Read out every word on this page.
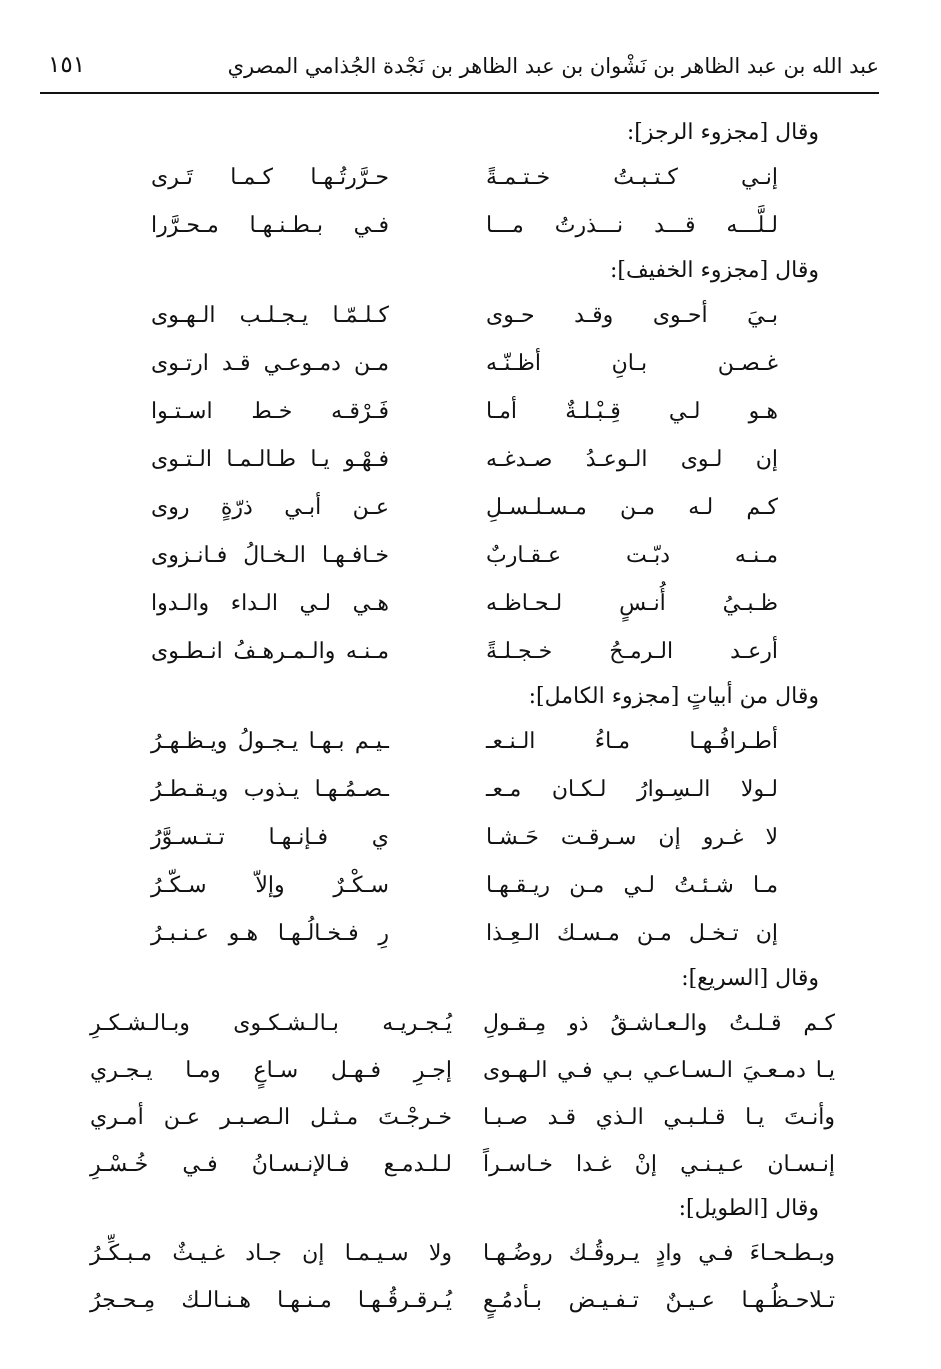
عبد الله بن عبد الظاهر بن نَشْوان بن عبد الظاهر بن نَجْدة الجُذامي المصري
١٥١
وقال [مجزوء الرجز]:
إنـي كـتـبـتُ خـتـمـةً
حـرَّرتُـهـا كـمـا تَـرى
لـلَّـــه قـــد نـــذرتُ مـــا
فـي بـطـنـهـا مـحـرَّرا
وقال [مجزوء الخفيف]:
بـيَ أحـوى وقـد حـوى
كـلـمّـا يـجـلـب الـهـوى
غـصـن بـانِ أظـنّـه
مـن دمـوعـي قـد ارتـوى
هـو لـي قِـبْـلـةٌ أمـا
فَـرْقـه خـط اسـتـوا
إن لـوى الـوعـدُ صـدغـه
فـهْـو يـا طـالـمـا الـتـوى
كـم لـه مـن مـسـلـسـلِ
عـن أبـي ذرّةٍ روى
مـنـه دبّـت عـقـاربٌ
خـافـهـا الـخـالُ فـانـزوى
ظـبـيُ أُنـسٍ لـحـاظـه
هـي لـي الـداء والـدوا
أرعـد الـرمـحُ خـجـلـةً
مـنـه والـمـرهـفُ انـطـوى
وقال من أبياتٍ [مجزوء الكامل]:
أطـرافُـهـا مـاءُ الـنـعـ
ـيـم بـهـا يـجـولُ ويـظـهـرُ
لـولا الـسِـوارُ لـكـان مـعـ
ـصـمُـهـا يـذوب ويـقـطـرُ
لا غـرو إن سـرقـت حَـشـا
ي فـإنـهـا تـتـسـوَّرُ
مـا شـئـتُ لـي مـن ريـقـهـا
سـكْـرٌ وإلاّ سـكّـرُ
إن تـخـل مـن مـسـك الـعِـذا
رِ فـخـالُـهـا هـو عـنـبـرُ
وقال [السريع]:
كـم قـلـتُ والـعـاشـقُ ذو مِـقـولِ
يُـجـريـه بـالـشـكـوى وبـالـشـكـرِ
يـا دمـعـيَ الـسـاعـي بـي فـي الـهـوى
إجـرِ فـهـل سـاعٍ ومـا يـجـري
وأنـتَ يـا قـلـبـي الـذي قـد صـبـا
خـرجْـتَ مـثـل الـصـبـر عـن أمـري
إنـسـان عـيـنـي إنْ غـدا خـاسـراً
لـلـدمـع فـالإنـسـانُ فـي خُـسْـرِ
وقال [الطويل]:
وبـطـحـاءَ فـي وادٍ يـروقُـك روضُـهـا
ولا سـيـمـا إن جـاد غـيـثٌ مـبـكِّـرُ
تـلاحـظُـهـا عـيـنٌ تـفـيـض بـأدمُـعٍ
يُـرقـرقُـهـا مـنـهـا هـنـالـك مِـحـجرُ
